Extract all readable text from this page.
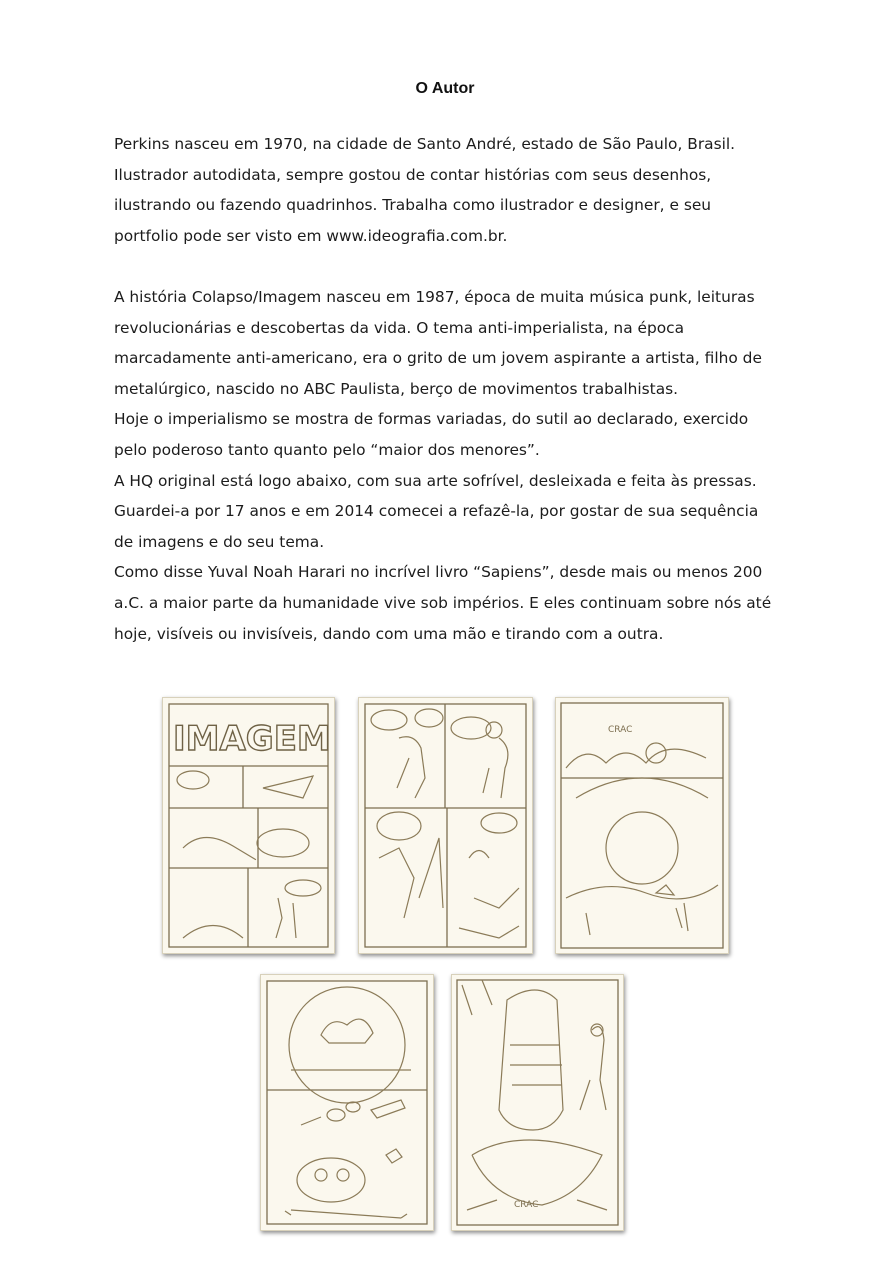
O Autor

Perkins nasceu em 1970, na cidade de Santo André, estado de São Paulo, Brasil.

Ilustrador autodidata, sempre gostou de contar histórias com seus desenhos,

ilustrando ou fazendo quadrinhos. Trabalha como ilustrador e designer, e seu

portfolio pode ser visto em www.ideografia.com.br.

A história Colapso/Imagem nasceu em 1987, época de muita música punk, leituras

revolucionárias e descobertas da vida. O tema anti-imperialista, na época

marcadamente anti-americano, era o grito de um jovem aspirante a artista, filho de

metalúrgico, nascido no ABC Paulista, berço de movimentos trabalhistas.

Hoje o imperialismo se mostra de formas variadas, do sutil ao declarado, exercido

pelo poderoso tanto quanto pelo “maior dos menores”.

A HQ original está logo abaixo, com sua arte sofrível, desleixada e feita às pressas.

Guardei-a por 17 anos e em 2014 comecei a refazê-la, por gostar de sua sequência

de imagens e do seu tema.

Como disse Yuval Noah Harari no incrível livro “Sapiens”, desde mais ou menos 200

a.C. a maior parte da humanidade vive sob impérios. E eles continuam sobre nós até

hoje, visíveis ou invisíveis, dando com uma mão e tirando com a outra.

IMAGEM	CRAC
CRAC
